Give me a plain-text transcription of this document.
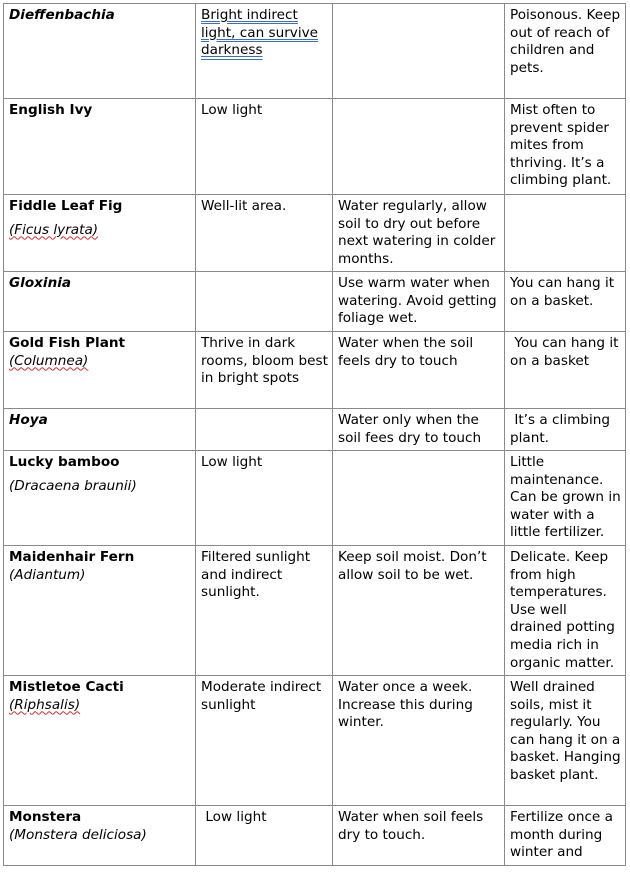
Dieffenbachia	Bright indirect light, can survive darkness		Poisonous. Keep out of reach of children and pets.

English Ivy	Low light		Mist often to prevent spider mites from thriving. It’s a climbing plant.

Fiddle Leaf Fig
(Ficus lyrata)	Well-lit area.	Water regularly, allow soil to dry out before next watering in colder months.	

Gloxinia		Use warm water when watering. Avoid getting foliage wet.	You can hang it on a basket.

Gold Fish Plant
(Columnea)	Thrive in dark rooms, bloom best in bright spots	Water when the soil feels dry to touch	You can hang it on a basket

Hoya		Water only when the soil fees dry to touch	It’s a climbing plant.

Lucky bamboo
(Dracaena braunii)	Low light		Little maintenance. Can be grown in water with a little fertilizer.

Maidenhair Fern
(Adiantum)	Filtered sunlight and indirect sunlight.	Keep soil moist. Don’t allow soil to be wet.	Delicate. Keep from high temperatures. Use well drained potting media rich in organic matter.

Mistletoe Cacti
(Riphsalis)	Moderate indirect sunlight	Water once a week. Increase this during winter.	Well drained soils, mist it regularly. You can hang it on a basket. Hanging basket plant.

Monstera
(Monstera deliciosa)	Low light	Water when soil feels dry to touch.	Fertilize once a month during winter and
